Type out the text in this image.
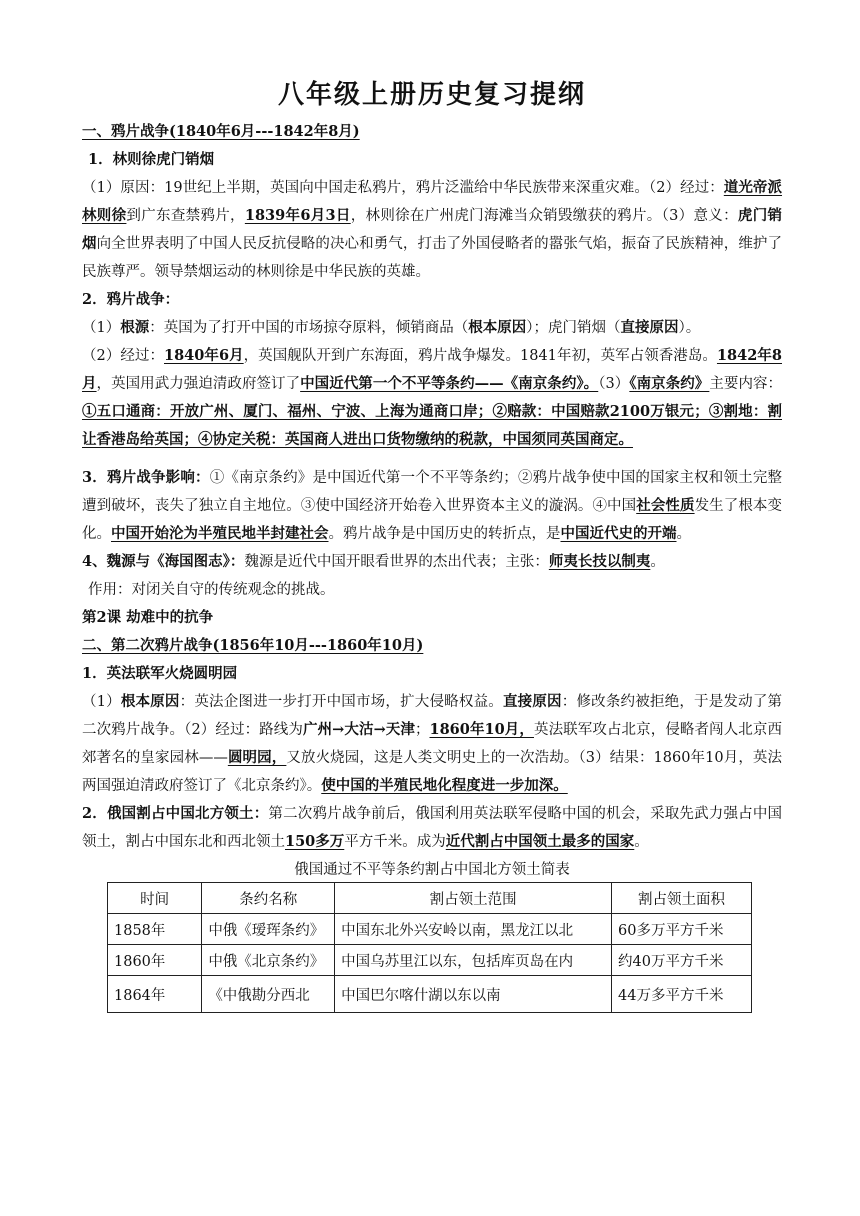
八年级上册历史复习提纲
一、鸦片战争(1840年6月---1842年8月)
1．林则徐虎门销烟

（1）原因：19世纪上半期，英国向中国走私鸦片，鸦片泛滥给中华民族带来深重灾难。（2）经过：道光帝派林则徐到广东查禁鸦片，1839年6月3日，林则徐在广州虎门海滩当众销毁缴获的鸦片。（3）意义：虎门销烟向全世界表明了中国人民反抗侵略的决心和勇气，打击了外国侵略者的嚣张气焰，振奋了民族精神，维护了民族尊严。领导禁烟运动的林则徐是中华民族的英雄。

2．鸦片战争：

（1）根源：英国为了打开中国的市场掠夺原料，倾销商品（根本原因）；虎门销烟（直接原因）。

（2）经过：1840年6月，英国舰队开到广东海面，鸦片战争爆发。1841年初，英军占领香港岛。1842年8月，英国用武力强迫清政府签订了中国近代第一个不平等条约——《南京条约》。（3）《南京条约》主要内容：①五口通商：开放广州、厦门、福州、宁波、上海为通商口岸；②赔款：中国赔款2100万银元；③割地：割让香港岛给英国；④协定关税：英国商人进出口货物缴纳的税款，中国须同英国商定。

3．鸦片战争影响：①《南京条约》是中国近代第一个不平等条约；②鸦片战争使中国的国家主权和领土完整遭到破坏，丧失了独立自主地位。③使中国经济开始卷入世界资本主义的漩涡。④中国社会性质发生了根本变化。中国开始沦为半殖民地半封建社会。鸦片战争是中国历史的转折点，是中国近代史的开端。

4、魏源与《海国图志》：魏源是近代中国开眼看世界的杰出代表；主张：师夷长技以制夷。

作用：对闭关自守的传统观念的挑战。
第2课 劫难中的抗争
二、第二次鸦片战争(1856年10月---1860年10月)
1．英法联军火烧圆明园

（1）根本原因：英法企图进一步打开中国市场，扩大侵略权益。直接原因：修改条约被拒绝，于是发动了第二次鸦片战争。（2）经过：路线为广州→大沽→天津；1860年10月，英法联军攻占北京，侵略者闯人北京西郊著名的皇家园林——圆明园，又放火烧园，这是人类文明史上的一次浩劫。（3）结果：1860年10月，英法两国强迫清政府签订了《北京条约》。使中国的半殖民地化程度进一步加深。

2．俄国割占中国北方领土：第二次鸦片战争前后，俄国利用英法联军侵略中国的机会，采取先武力强占中国领土，割占中国东北和西北领土150多万平方千米。成为近代割占中国领土最多的国家。

俄国通过不平等条约割占中国北方领土简表
时间	条约名称	割占领土范围	割占领土面积
1858年	中俄《瑷珲条约》	中国东北外兴安岭以南，黑龙江以北	60多万平方千米
1860年	中俄《北京条约》	中国乌苏里江以东，包括库页岛在内	约40万平方千米
1864年	《中俄勘分西北	中国巴尔喀什湖以东以南	44万多平方千米
